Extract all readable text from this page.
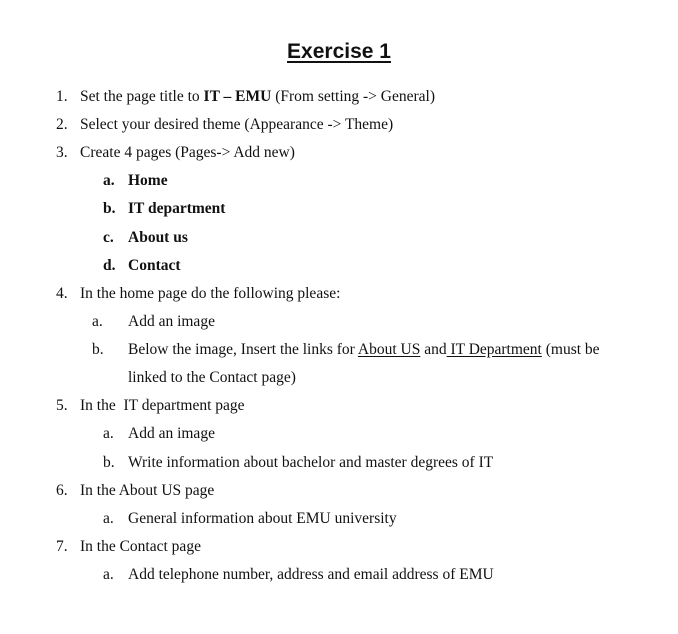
Exercise 1
1. Set the page title to IT – EMU (From setting -> General)
2. Select your desired theme (Appearance -> Theme)
3. Create 4 pages (Pages-> Add new)
a. Home
b. IT department
c. About us
d. Contact
4. In the home page do the following please:
a.	Add an image
b.	Below the image, Insert the links for About US and IT Department (must be
linked to the Contact page)
5. In the  IT department page
a. Add an image
b. Write information about bachelor and master degrees of IT
6. In the About US page
a. General information about EMU university
7. In the Contact page
a. Add telephone number, address and email address of EMU
